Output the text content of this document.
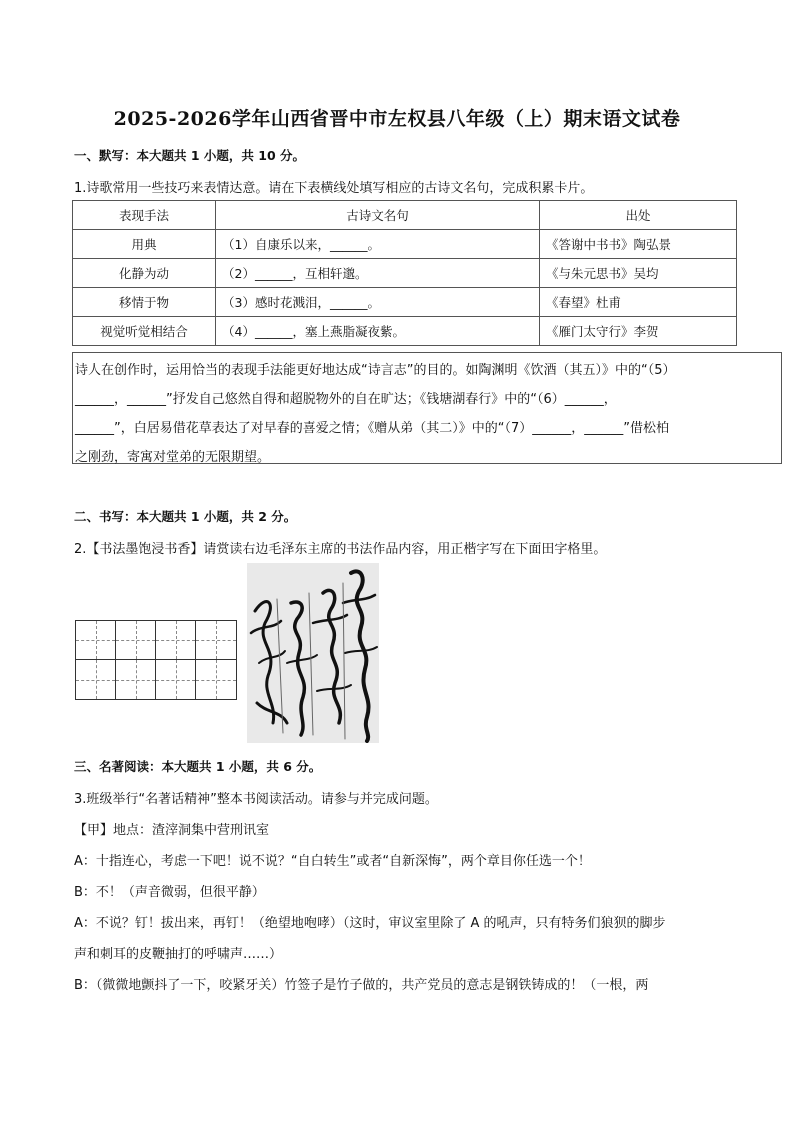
2025-2026学年山西省晋中市左权县八年级（上）期末语文试卷
一、默写：本大题共 1 小题，共 10 分。
1.诗歌常用一些技巧来表情达意。请在下表横线处填写相应的古诗文名句，完成积累卡片。
表现手法	古诗文名句	出处
用典	（1）自康乐以来，______。	《答谢中书书》陶弘景
化静为动	（2）______，互相轩邈。	《与朱元思书》吴均
移情于物	（3）感时花溅泪，______。	《春望》杜甫
视觉听觉相结合	（4）______，塞上燕脂凝夜紫。	《雁门太守行》李贺
诗人在创作时，运用恰当的表现手法能更好地达成“诗言志”的目的。如陶渊明《饮酒（其五）》中的“（5）
______，______”抒发自己悠然自得和超脱物外的自在旷达；《钱塘湖春行》中的“（6）______，
______”，白居易借花草表达了对早春的喜爱之情；《赠从弟（其二）》中的“（7）______，______”借松柏
之刚劲，寄寓对堂弟的无限期望。
二、书写：本大题共 1 小题，共 2 分。
2.【书法墨饱浸书香】请赏读右边毛泽东主席的书法作品内容，用正楷字写在下面田字格里。
三、名著阅读：本大题共 1 小题，共 6 分。
3.班级举行“名著话精神”整本书阅读活动。请参与并完成问题。
【甲】地点：渣滓洞集中营刑讯室
A：十指连心，考虑一下吧！说不说？“自白转生”或者“自新深悔”，两个章目你任选一个！
B：不！（声音微弱，但很平静）
A：不说？钉！拔出来，再钉！（绝望地咆哮）（这时，审议室里除了 A 的吼声，只有特务们狼狈的脚步
声和刺耳的皮鞭抽打的呼啸声……）
B：（微微地颤抖了一下，咬紧牙关）竹签子是竹子做的，共产党员的意志是钢铁铸成的！（一根，两
